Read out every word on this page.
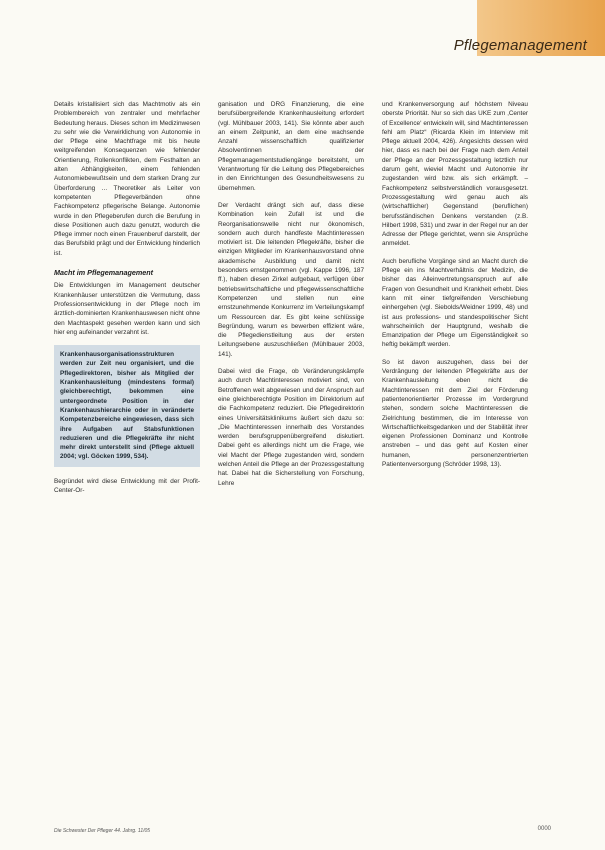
Pflegemanagement

Details kristallisiert sich das Machtmotiv als ein Problembereich von zentraler und mehrfacher Bedeutung heraus. Dieses schon im Medizinwesen zu sehr wie die Verwirklichung von Autonomie in der Pflege eine Machtfrage mit bis heute weitgreifenden Konsequenzen wie fehlender Orientierung, Rollenkonflikten, dem Festhalten an alten Abhängigkeiten, einem fehlenden Autonomiebewußtsein und dem starken Drang zur Überforderung ... Theoretiker als Leiter von kompetenten Pflegeverbänden ohne Fachkompetenz pflegerische Belange. Autonomie wurde in den Pflegeberufen durch die Berufung in diese Positionen auch dazu genutzt, wodurch die Pflege immer noch einen Frauenberuf darstellt, der das Berufsbild prägt und der Entwicklung hinderlich ist.

Macht im Pflegemanagement

Die Entwicklungen im Management deutscher Krankenhäuser unterstützen die Vermutung, dass Professionsentwicklung in der Pflege noch im ärztlich-dominierten Krankenhauswesen nicht ohne den Machtaspekt gesehen werden kann und sich hier eng aufeinander verzahnt ist.

Krankenhausorganisationsstrukturen werden zur Zeit neu organisiert, und die Pflegedirektoren, bisher als Mitglied der Krankenhausleitung (mindestens formal) gleichberechtigt, bekommen eine untergeordnete Position in der Krankenhaushierarchie oder in veränderte Kompetenzbereiche eingewiesen, dass sich ihre Aufgaben auf Stabsfunktionen reduzieren und die Pflegekräfte ihr nicht mehr direkt unterstellt sind (Pflege aktuell 2004; vgl. Göcken 1999, 534).

Begründet wird diese Entwicklung mit der Profit-Center-Or-

ganisation und DRG Finanzierung, die eine berufsübergreifende Krankenhausleitung erfordert (vgl. Mühlbauer 2003, 141). Sie könnte aber auch an einem Zeitpunkt, an dem eine wachsende Anzahl wissenschaftlich qualifizierter Absolventinnen der Pflegemanagementstudiengänge bereitsteht, um Verantwortung für die Leitung des Pflegebereiches in den Einrichtungen des Gesundheitswesens zu übernehmen.

Der Verdacht drängt sich auf, dass diese Kombination kein Zufall ist und die Reorganisationswelle nicht nur ökonomisch, sondern auch durch handfeste Machtinteressen motiviert ist. Die leitenden Pflegekräfte, bisher die einzigen Mitglieder im Krankenhausvorstand ohne akademische Ausbildung und damit nicht besonders ernstgenommen (vgl. Kappe 1996, 187 ff.), haben diesen Zirkel aufgebaut, verfügen über betriebswirtschaftliche und pflegewissenschaftliche Kompetenzen und stellen nun eine ernstzunehmende Konkurrenz im Verteilungskampf um Ressourcen dar. Es gibt keine schlüssige Begründung, warum es bewerben effizient wäre, die Pflegedienstleitung aus der ersten Leitungsebene auszuschließen (Mühlbauer 2003, 141).

Dabei wird die Frage, ob Veränderungskämpfe auch durch Machtinteressen motiviert sind, von Betroffenen weit abgewiesen und der Anspruch auf eine gleichberechtigte Position im Direktorium auf die Fachkompetenz reduziert. Die Pflegedirektorin eines Universitätsklinikums äußert sich dazu so: „Die Machtinteressen innerhalb des Vorstandes werden berufsgruppenübergreifend diskutiert. Dabei geht es allerdings nicht um die Frage, wie viel Macht der Pflege zugestanden wird, sondern welchen Anteil die Pflege an der Prozessgestaltung hat. Dabei hat die Sicherstellung von Forschung, Lehre

und Krankenversorgung auf höchstem Niveau oberste Priorität. Nur so sich das UKE zum ‚Center of Excellence‘ entwickeln will, sind Machtinteressen fehl am Platz“ (Ricarda Klein im Interview mit Pflege aktuell 2004, 426). Angesichts dessen wird hier, dass es nach bei der Frage nach dem Anteil der Pflege an der Prozessgestaltung letztlich nur darum geht, wieviel Macht und Autonomie ihr zugestanden wird bzw. als sich erkämpft. – Fachkompetenz selbstverständlich vorausgesetzt. Prozessgestaltung wird genau auch als (wirtschaftlicher) Gegenstand (beruflichen) berufsständischen Denkens verstanden (z.B. Hilbert 1998, 531) und zwar in der Regel nur an der Adresse der Pflege gerichtet, wenn sie Ansprüche anmeldet.

Auch berufliche Vorgänge sind an Macht durch die Pflege ein ins Machtverhältnis der Medizin, die bisher das Alleinvertretungsanspruch auf alle Fragen von Gesundheit und Krankheit erhebt. Dies kann mit einer tiefgreifenden Verschiebung einhergehen (vgl. Siebolds/Weidner 1999, 48) und ist aus professions- und standespolitischer Sicht wahrscheinlich der Hauptgrund, weshalb die Emanzipation der Pflege um Eigenständigkeit so heftig bekämpft werden.

So ist davon auszugehen, dass bei der Verdrängung der leitenden Pflegekräfte aus der Krankenhausleitung eben nicht die Machtinteressen mit dem Ziel der Förderung patientenorientierter Prozesse im Vordergrund stehen, sondern solche Machtinteressen die Zielrichtung bestimmen, die im Interesse von Wirtschaftlichkeitsgedanken und der Stabilität ihrer eigenen Professionen Dominanz und Kontrolle anstreben – und das geht auf Kosten einer humanen, personenzentrierten Patientenversorgung (Schröder 1998, 13).

Die Schwester Der Pfleger 44. Jahrg. 11/05	0000
